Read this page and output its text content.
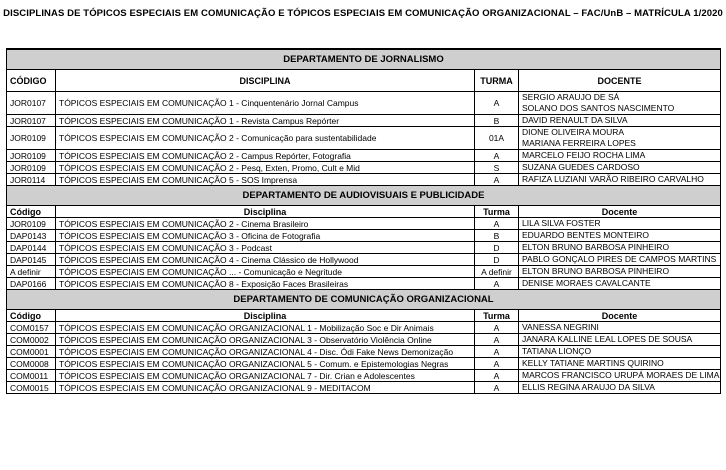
DISCIPLINAS DE TÓPICOS ESPECIAIS EM COMUNICAÇÃO E TÓPICOS ESPECIAIS EM COMUNICAÇÃO ORGANIZACIONAL – FAC/UnB – MATRÍCULA 1/2020
DEPARTAMENTO DE JORNALISMO			
CÓDIGO	DISCIPLINA	TURMA	DOCENTE
JOR0107	TÓPICOS ESPECIAIS EM COMUNICAÇÃO 1 - Cinquentenário Jornal Campus	A	SERGIO ARAUJO DE SÁ
SOLANO DOS SANTOS NASCIMENTO

JOR0107	TÓPICOS ESPECIAIS EM COMUNICAÇÃO 1 - Revista Campus Repórter	B	DAVID RENAULT DA SILVA

JOR0109	TÓPICOS ESPECIAIS EM COMUNICAÇÃO 2 - Comunicação para sustentabilidade	01A	DIONE OLIVEIRA MOURA
MARIANA FERREIRA LOPES

JOR0109	TÓPICOS ESPECIAIS EM COMUNICAÇÃO 2 - Campus Repórter, Fotografia	A	MARCELO FEIJO ROCHA LIMA

JOR0109	TÓPICOS ESPECIAIS EM COMUNICAÇÃO 2 - Pesq, Exten, Promo, Cult e Mid	S	SUZANA GUEDES CARDOSO

JOR0114	TÓPICOS ESPECIAIS EM COMUNICAÇÃO 5 - SOS Imprensa	A	RAFIZA LUZIANI VARÃO RIBEIRO CARVALHO

DEPARTAMENTO DE AUDIOVISUAIS E PUBLICIDADE			
Código	Disciplina	Turma	Docente
JOR0109	TÓPICOS ESPECIAIS EM COMUNICAÇÃO 2 - Cinema Brasileiro	A	LILA SILVA FOSTER

DAP0143	TÓPICOS ESPECIAIS EM COMUNICAÇÃO 3 - Oficina de Fotografia	B	EDUARDO BENTES MONTEIRO

DAP0144	TÓPICOS ESPECIAIS EM COMUNICAÇÃO 3 - Podcast	D	ELTON BRUNO BARBOSA PINHEIRO

DAP0145	TÓPICOS ESPECIAIS EM COMUNICAÇÃO 4 - Cinema Clássico de Hollywood	D	PABLO GONÇALO PIRES DE CAMPOS MARTINS

A definir	TÓPICOS ESPECIAIS EM COMUNICAÇÃO ... - Comunicação e Negritude	A definir	ELTON BRUNO BARBOSA PINHEIRO

DAP0166	TÓPICOS ESPECIAIS EM COMUNICAÇÃO 8 - Exposição Faces Brasileiras	A	DENISE MORAES CAVALCANTE

DEPARTAMENTO DE COMUNICAÇÃO ORGANIZACIONAL			
Código	Disciplina	Turma	Docente
COM0157	TÓPICOS ESPECIAIS EM COMUNICAÇÃO ORGANIZACIONAL 1 - Mobilização Soc e Dir Animais	A	VANESSA NEGRINI

COM0002	TÓPICOS ESPECIAIS EM COMUNICAÇÃO ORGANIZACIONAL 3 - Observatório Violência Online	A	JANARA KALLINE LEAL LOPES DE SOUSA

COM0001	TÓPICOS ESPECIAIS EM COMUNICAÇÃO ORGANIZACIONAL 4 - Disc. Ódi Fake News Demonização	A	TATIANA LIONÇO

COM0008	TÓPICOS ESPECIAIS EM COMUNICAÇÃO ORGANIZACIONAL 5 - Comum. e Epistemologias Negras	A	KELLY TATIANE MARTINS QUIRINO

COM0011	TÓPICOS ESPECIAIS EM COMUNICAÇÃO ORGANIZACIONAL 7 - Dir. Crian e Adolescentes	A	MARCOS FRANCISCO URUPÁ MORAES DE LIMA

COM0015	TÓPICOS ESPECIAIS EM COMUNICAÇÃO ORGANIZACIONAL 9 - MEDITACOM	A	ELLIS REGINA ARAUJO DA SILVA
